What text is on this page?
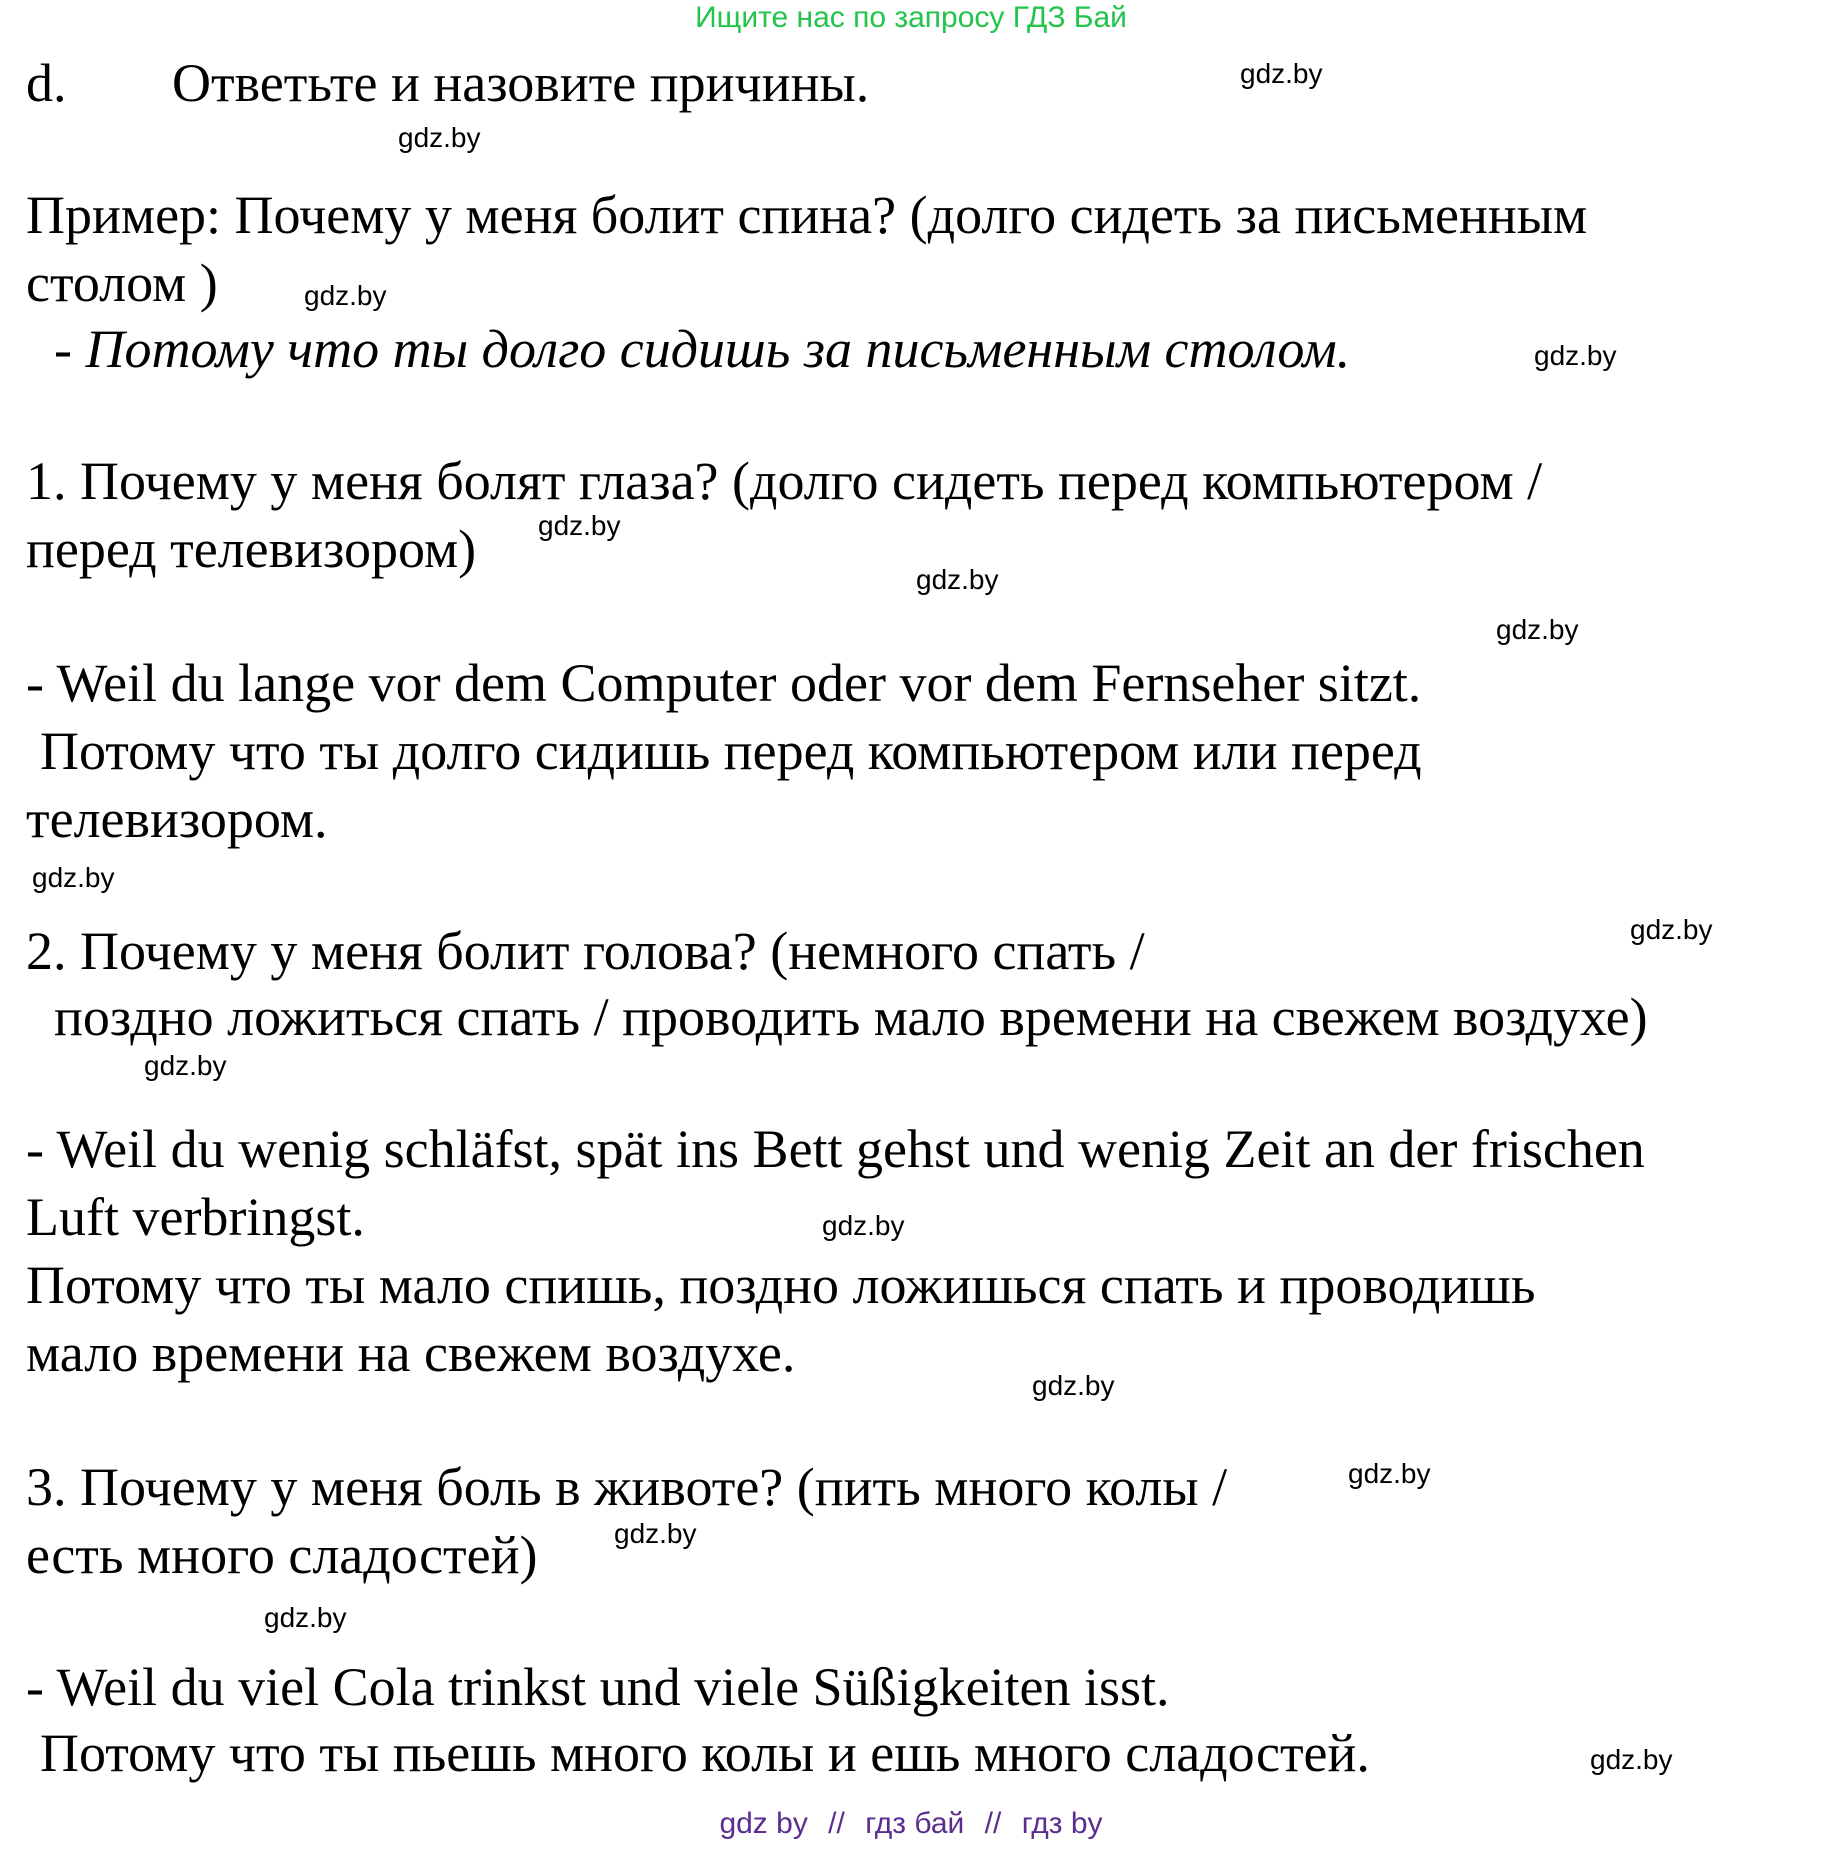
Ищите нас по запросу ГДЗ Бай
d. Ответьте и назовите причины.	gdz.by
gdz.by
Пример: Почему у меня болит спина? (долго сидеть за письменным
столом )	gdz.by
- Потому что ты долго сидишь за письменным столом.	gdz.by
1. Почему у меня болят глаза? (долго сидеть перед компьютером /
gdz.by
перед телевизором)
gdz.by
gdz.by
- Weil du lange vor dem Computer oder vor dem Fernseher sitzt.
Потому что ты долго сидишь перед компьютером или перед
телевизором.
gdz.by
gdz.by
2. Почему у меня болит голова? (немного спать /
поздно ложиться спать / проводить мало времени на свежем воздухе)
gdz.by
- Weil du wenig schläfst, spät ins Bett gehst und wenig Zeit an der frischen
Luft verbringst.	gdz.by
Потому что ты мало спишь, поздно ложишься спать и проводишь
мало времени на свежем воздухе.
gdz.by
gdz.by
3. Почему у меня боль в животе? (пить много колы /
gdz.by
есть много сладостей)
gdz.by
- Weil du viel Cola trinkst und viele Süßigkeiten isst.
Потому что ты пьешь много колы и ешь много сладостей.	gdz.by
gdz by // гдз бай // гдз by
